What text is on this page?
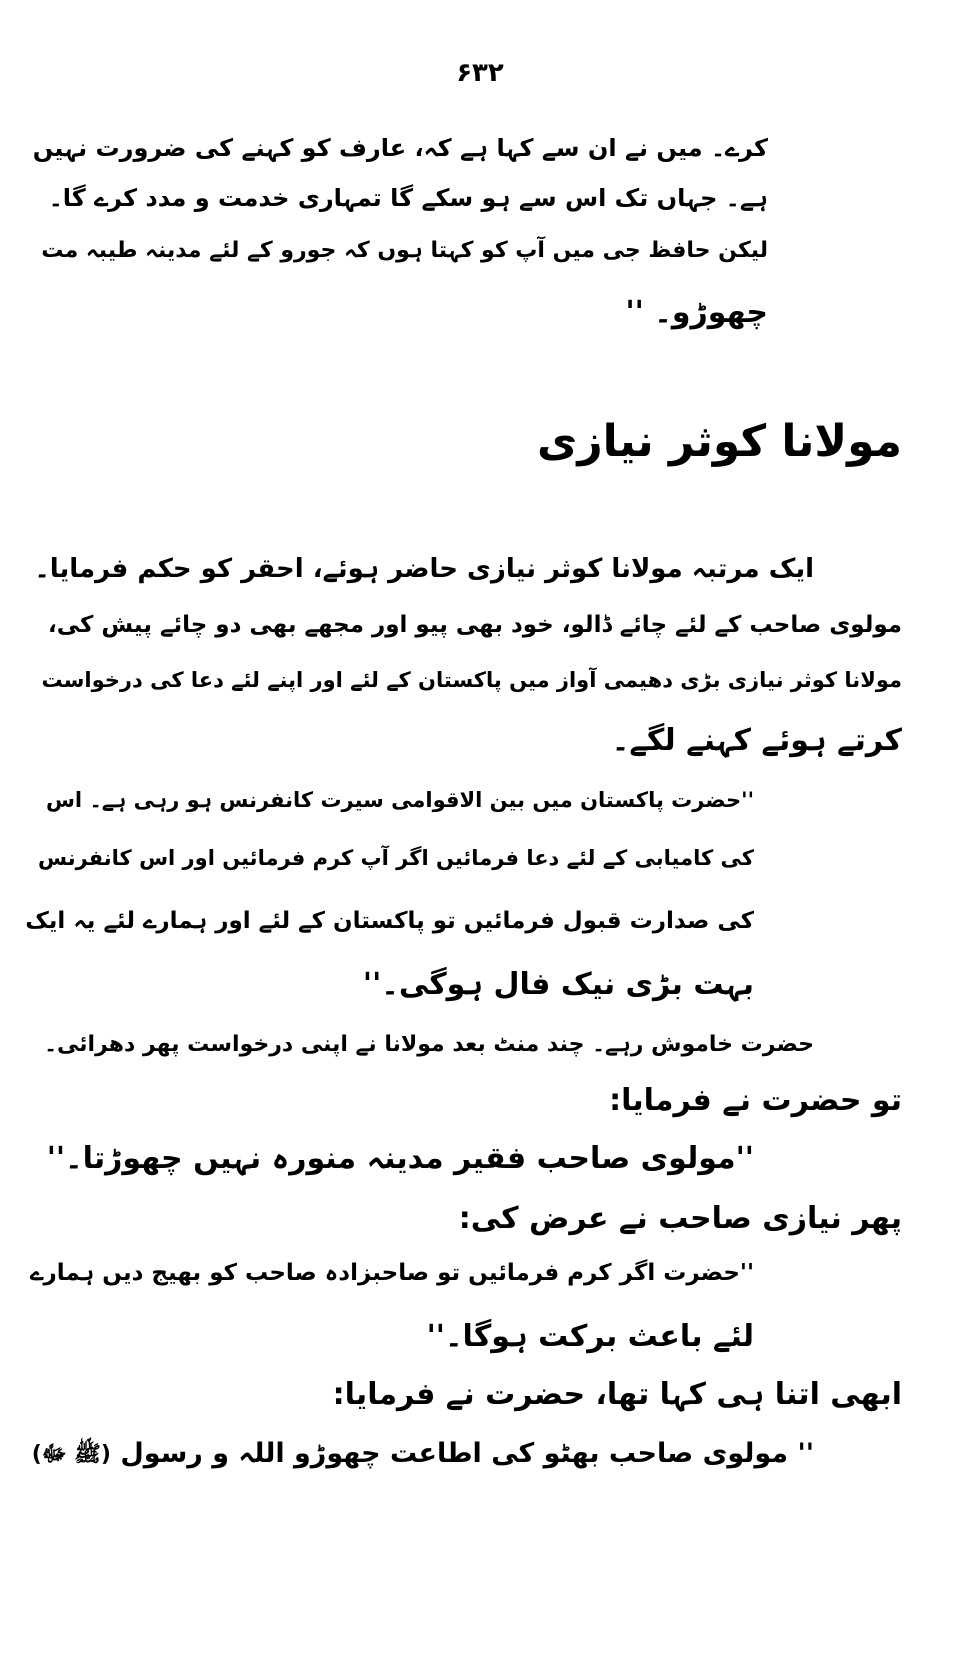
۶۳۲
کرے۔ میں نے ان سے کہا ہے کہ، عارف کو کہنے کی ضرورت نہیں
ہے۔ جہاں تک اس سے ہو سکے گا تمہاری خدمت و مدد کرے گا۔
لیکن حافظ جی میں آپ کو کہتا ہوں کہ جورو کے لئے مدینہ طیبہ مت
چھوڑو۔ ''
مولانا کوثر نیازی
ایک مرتبہ مولانا کوثر نیازی حاضر ہوئے، احقر کو حکم فرمایا۔
مولوی صاحب کے لئے چائے ڈالو، خود بھی پیو اور مجھے بھی دو چائے پیش کی،
مولانا کوثر نیازی بڑی دھیمی آواز میں پاکستان کے لئے اور اپنے لئے دعا کی درخواست
کرتے ہوئے کہنے لگے۔
''حضرت پاکستان میں بین الاقوامی سیرت کانفرنس ہو رہی ہے۔ اس
کی کامیابی کے لئے دعا فرمائیں اگر آپ کرم فرمائیں اور اس کانفرنس
کی صدارت قبول فرمائیں تو پاکستان کے لئے اور ہمارے لئے یہ ایک
بہت بڑی نیک فال ہوگی۔''
حضرت خاموش رہے۔ چند منٹ بعد مولانا نے اپنی درخواست پھر دھرائی۔
تو حضرت نے فرمایا:
''مولوی صاحب فقیر مدینہ منورہ نہیں چھوڑتا۔''
پھر نیازی صاحب نے عرض کی:
''حضرت اگر کرم فرمائیں تو صاحبزادہ صاحب کو بھیج دیں ہمارے
لئے باعث برکت ہوگا۔''
ابھی اتنا ہی کہا تھا، حضرت نے فرمایا:
'' مولوی صاحب بھٹو کی اطاعت چھوڑو اللہ و رسول (ﷺ ﷻ)
